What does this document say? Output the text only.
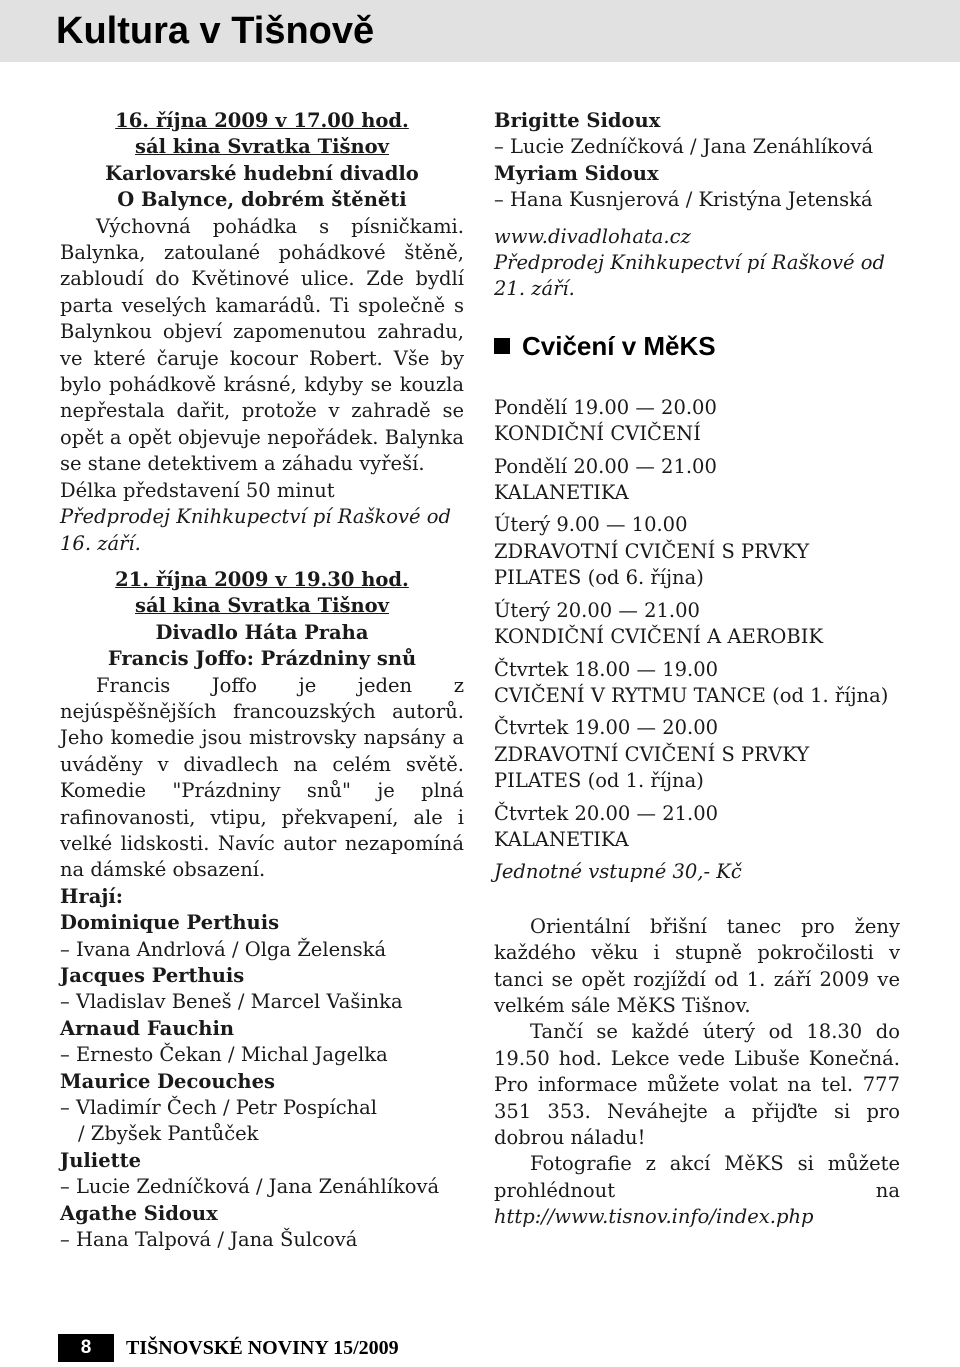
Kultura v Tišnově

16. října 2009 v 17.00 hod.

sál kina Svratka Tišnov

Karlovarské hudební divadlo

O Balynce, dobrém štěněti

Výchovná pohádka s písničkami. Balynka, zatoulané pohádkové štěně, zabloudí do Květinové ulice. Zde bydlí parta veselých kamarádů. Ti společně s Balynkou objeví zapomenutou zahradu, ve které čaruje kocour Robert. Vše by bylo pohádkově krásné, kdyby se kouzla nepřestala dařit, protože v zahradě se opět a opět objevuje nepořádek. Balynka se stane detektivem a záhadu vyřeší.

Délka představení 50 minut

Předprodej Knihkupectví pí Raškové od 16. září.

21. října 2009 v 19.30 hod.

sál kina Svratka Tišnov

Divadlo Háta Praha

Francis Joffo: Prázdniny snů

Francis Joffo je jeden z nejúspěšnějších francouzských autorů. Jeho komedie jsou mistrovsky napsány a uváděny v divadlech na celém světě. Komedie "Prázdniny snů" je plná rafinovanosti, vtipu, překvapení, ale i velké lidskosti. Navíc autor nezapomíná na dámské obsazení.

Hrají:

Dominique Perthuis

– Ivana Andrlová / Olga Želenská

Jacques Perthuis

– Vladislav Beneš / Marcel Vašinka

Arnaud Fauchin

– Ernesto Čekan / Michal Jagelka

Maurice Decouches

– Vladimír Čech / Petr Pospíchal

/ Zbyšek Pantůček

Juliette

– Lucie Zedníčková / Jana Zenáhlíková

Agathe Sidoux

– Hana Talpová / Jana Šulcová

Brigitte Sidoux

– Lucie Zedníčková / Jana Zenáhlíková

Myriam Sidoux

– Hana Kusnjerová / Kristýna Jetenská

www.divadlohata.cz

Předprodej Knihkupectví pí Raškové od 21. září.

Cvičení v MěKS

Pondělí 19.00 — 20.00

KONDIČNÍ CVIČENÍ

Pondělí 20.00 — 21.00

KALANETIKA

Úterý 9.00 — 10.00

ZDRAVOTNÍ CVIČENÍ S PRVKY

PILATES (od 6. října)

Úterý 20.00 — 21.00

KONDIČNÍ CVIČENÍ A AEROBIK

Čtvrtek 18.00 — 19.00

CVIČENÍ V RYTMU TANCE (od 1. října)

Čtvrtek 19.00 — 20.00

ZDRAVOTNÍ CVIČENÍ S PRVKY

PILATES (od 1. října)

Čtvrtek 20.00 — 21.00

KALANETIKA

Jednotné vstupné 30,- Kč

Orientální břišní tanec pro ženy každého věku i stupně pokročilosti v tanci se opět rozjíždí od 1. září 2009 ve velkém sále MěKS Tišnov.

Tančí se každé úterý od 18.30 do 19.50 hod. Lekce vede Libuše Konečná. Pro informace můžete volat na tel. 777 351 353. Neváhejte a přijďte si pro dobrou náladu!

Fotografie z akcí MěKS si můžete prohlédnout na http://www.tisnov.info/index.php

8	TIŠNOVSKÉ NOVINY 15/2009
